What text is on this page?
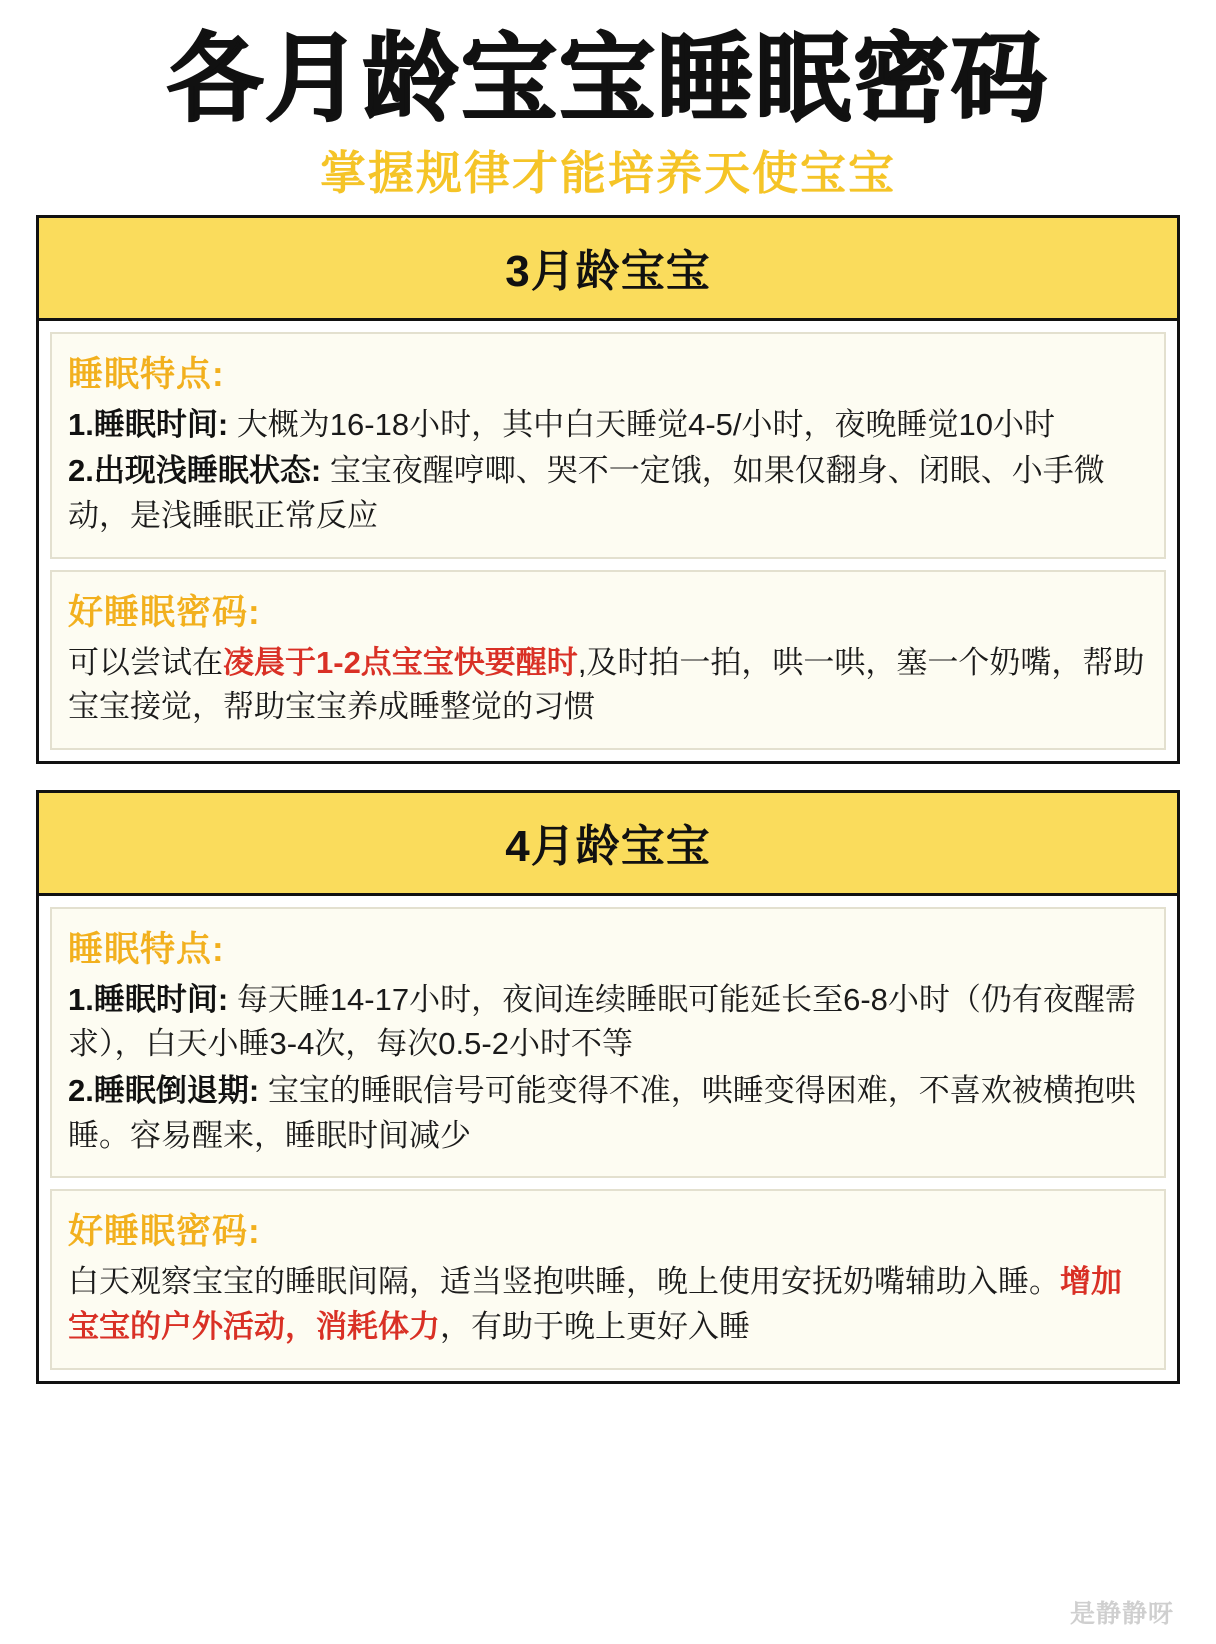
各月龄宝宝睡眠密码
掌握规律才能培养天使宝宝
3月龄宝宝
睡眠特点:

1.睡眠时间: 大概为16-18小时，其中白天睡觉4-5/小时，夜晚睡觉10小时

2.出现浅睡眠状态: 宝宝夜醒哼唧、哭不一定饿，如果仅翻身、闭眼、小手微动，是浅睡眠正常反应

好睡眠密码:

可以尝试在凌晨于1-2点宝宝快要醒时,及时拍一拍，哄一哄，塞一个奶嘴，帮助宝宝接觉，帮助宝宝养成睡整觉的习惯

4月龄宝宝
睡眠特点:

1.睡眠时间: 每天睡14-17小时，夜间连续睡眠可能延长至6-8小时（仍有夜醒需求），白天小睡3-4次，每次0.5-2小时不等

2.睡眠倒退期: 宝宝的睡眠信号可能变得不准，哄睡变得困难，不喜欢被横抱哄睡。容易醒来，睡眠时间减少

好睡眠密码:

白天观察宝宝的睡眠间隔，适当竖抱哄睡，晚上使用安抚奶嘴辅助入睡。增加宝宝的户外活动，消耗体力，有助于晚上更好入睡

是静静呀
